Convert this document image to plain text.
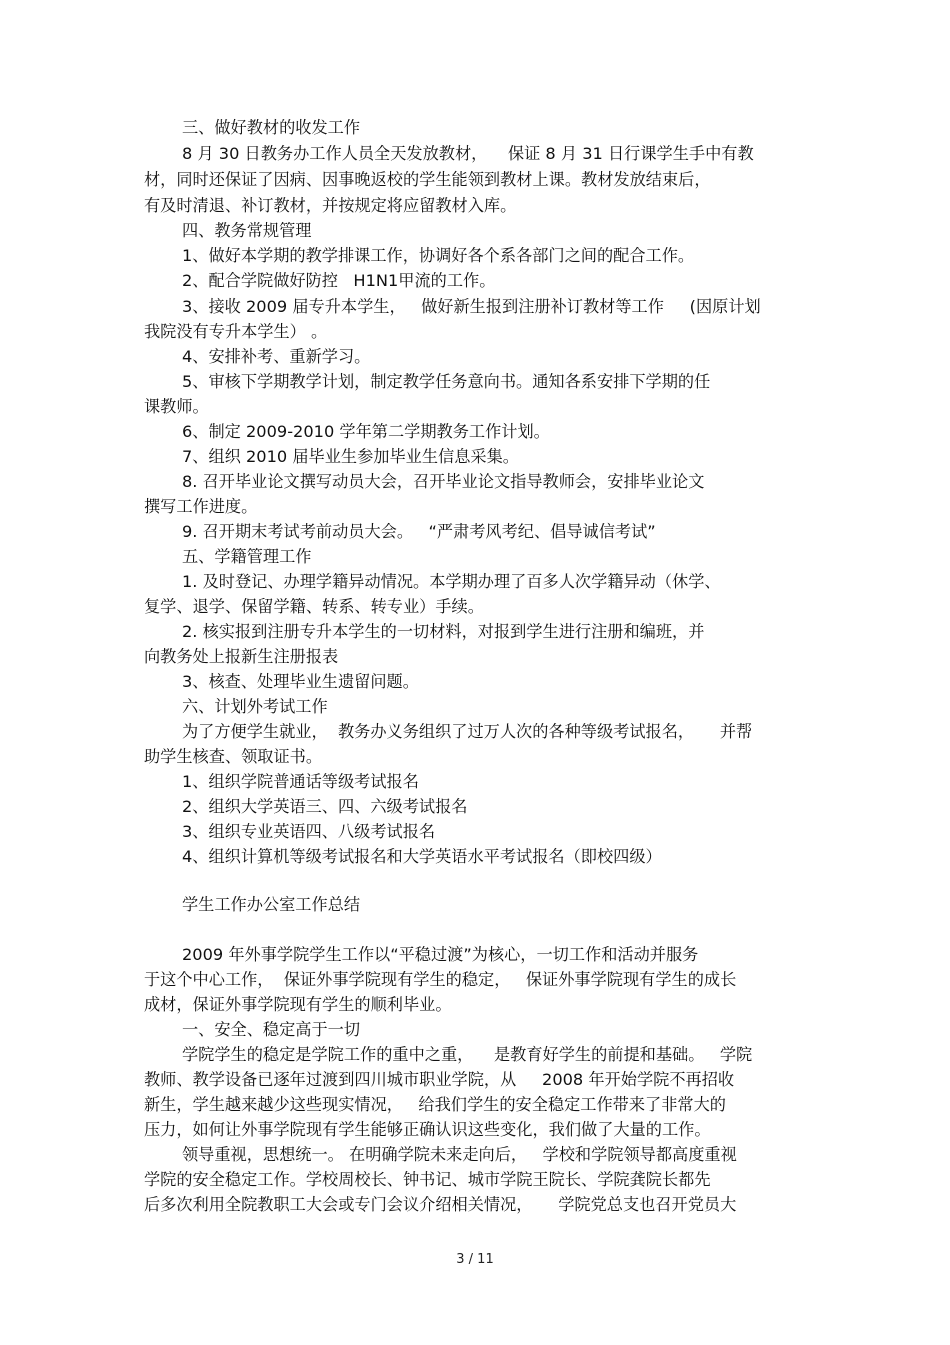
三、做好教材的收发工作
8 月 30 日教务办工作人员全天发放教材，    保证 8 月 31 日行课学生手中有教
材，同时还保证了因病、因事晚返校的学生能领到教材上课。教材发放结束后，
有及时清退、补订教材，并按规定将应留教材入库。
四、教务常规管理
1、做好本学期的教学排课工作，协调好各个系各部门之间的配合工作。
2、配合学院做好防控   H1N1甲流的工作。
3、接收 2009 届专升本学生，   做好新生报到注册补订教材等工作     (因原计划
我院没有专升本学生） 。
4、安排补考、重新学习。
5、审核下学期教学计划，制定教学任务意向书。通知各系安排下学期的任
课教师。
6、制定 2009-2010 学年第二学期教务工作计划。
7、组织 2010 届毕业生参加毕业生信息采集。
8. 召开毕业论文撰写动员大会，召开毕业论文指导教师会，安排毕业论文
撰写工作进度。
9. 召开期末考试考前动员大会。   “严肃考风考纪、倡导诚信考试”
五、学籍管理工作
1. 及时登记、办理学籍异动情况。本学期办理了百多人次学籍异动（休学、
复学、退学、保留学籍、转系、转专业）手续。
2. 核实报到注册专升本学生的一切材料，对报到学生进行注册和编班，并
向教务处上报新生注册报表
3、核查、处理毕业生遗留问题。
六、计划外考试工作
为了方便学生就业，  教务办义务组织了过万人次的各种等级考试报名，     并帮
助学生核查、领取证书。
1、组织学院普通话等级考试报名
2、组织大学英语三、四、六级考试报名
3、组织专业英语四、八级考试报名
4、组织计算机等级考试报名和大学英语水平考试报名（即校四级）
学生工作办公室工作总结
2009 年外事学院学生工作以“平稳过渡”为核心，一切工作和活动并服务
于这个中心工作，  保证外事学院现有学生的稳定，   保证外事学院现有学生的成长
成材，保证外事学院现有学生的顺利毕业。
一、安全、稳定高于一切
学院学生的稳定是学院工作的重中之重，    是教育好学生的前提和基础。   学院
教师、教学设备已逐年过渡到四川城市职业学院，从     2008 年开始学院不再招收
新生，学生越来越少这些现实情况，   给我们学生的安全稳定工作带来了非常大的
压力，如何让外事学院现有学生能够正确认识这些变化，我们做了大量的工作。
领导重视，思想统一。 在明确学院未来走向后，   学校和学院领导都高度重视
学院的安全稳定工作。学校周校长、钟书记、城市学院王院长、学院龚院长都先
后多次利用全院教职工大会或专门会议介绍相关情况，     学院党总支也召开党员大
3 / 11
